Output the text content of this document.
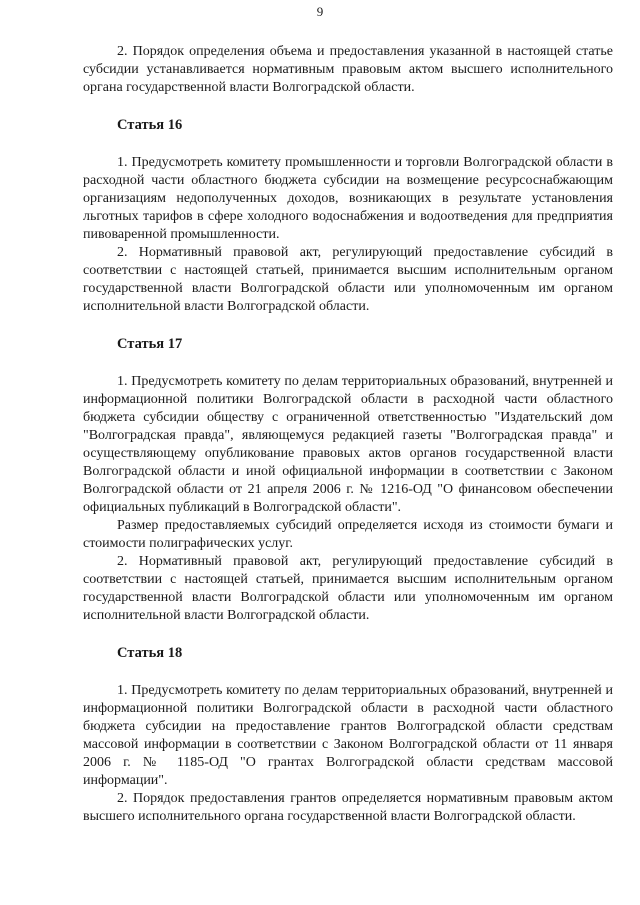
9

2. Порядок определения объема и предоставления указанной в настоящей статье субсидии устанавливается нормативным правовым актом высшего исполнительного органа государственной власти Волгоградской области.

Статья 16

1. Предусмотреть комитету промышленности и торговли Волгоградской области в расходной части областного бюджета субсидии на возмещение ресурсоснабжающим организациям недополученных доходов, возникающих в результате установления льготных тарифов в сфере холодного водоснабжения и водоотведения для предприятия пивоваренной промышленности.

2. Нормативный правовой акт, регулирующий предоставление субсидий в соответствии с настоящей статьей, принимается высшим исполнительным органом государственной власти Волгоградской области или уполномоченным им органом исполнительной власти Волгоградской области.

Статья 17

1. Предусмотреть комитету по делам территориальных образований, внутренней и информационной политики Волгоградской области в расходной части областного бюджета субсидии обществу с ограниченной ответственностью "Издательский дом "Волгоградская правда", являющемуся редакцией газеты "Волгоградская правда" и осуществляющему опубликование правовых актов органов государственной власти Волгоградской области и иной официальной информации в соответствии с Законом Волгоградской области от 21 апреля 2006 г. № 1216-ОД "О финансовом обеспечении официальных публикаций в Волгоградской области".

Размер предоставляемых субсидий определяется исходя из стоимости бумаги и стоимости полиграфических услуг.

2. Нормативный правовой акт, регулирующий предоставление субсидий в соответствии с настоящей статьей, принимается высшим исполнительным органом государственной власти Волгоградской области или уполномоченным им органом исполнительной власти Волгоградской области.

Статья 18

1. Предусмотреть комитету по делам территориальных образований, внутренней и информационной политики Волгоградской области в расходной части областного бюджета субсидии на предоставление грантов Волгоградской области средствам массовой информации в соответствии с Законом Волгоградской области от 11 января 2006 г. № 1185-ОД "О грантах Волгоградской области средствам массовой информации".

2. Порядок предоставления грантов определяется нормативным правовым актом высшего исполнительного органа государственной власти Волгоградской области.
